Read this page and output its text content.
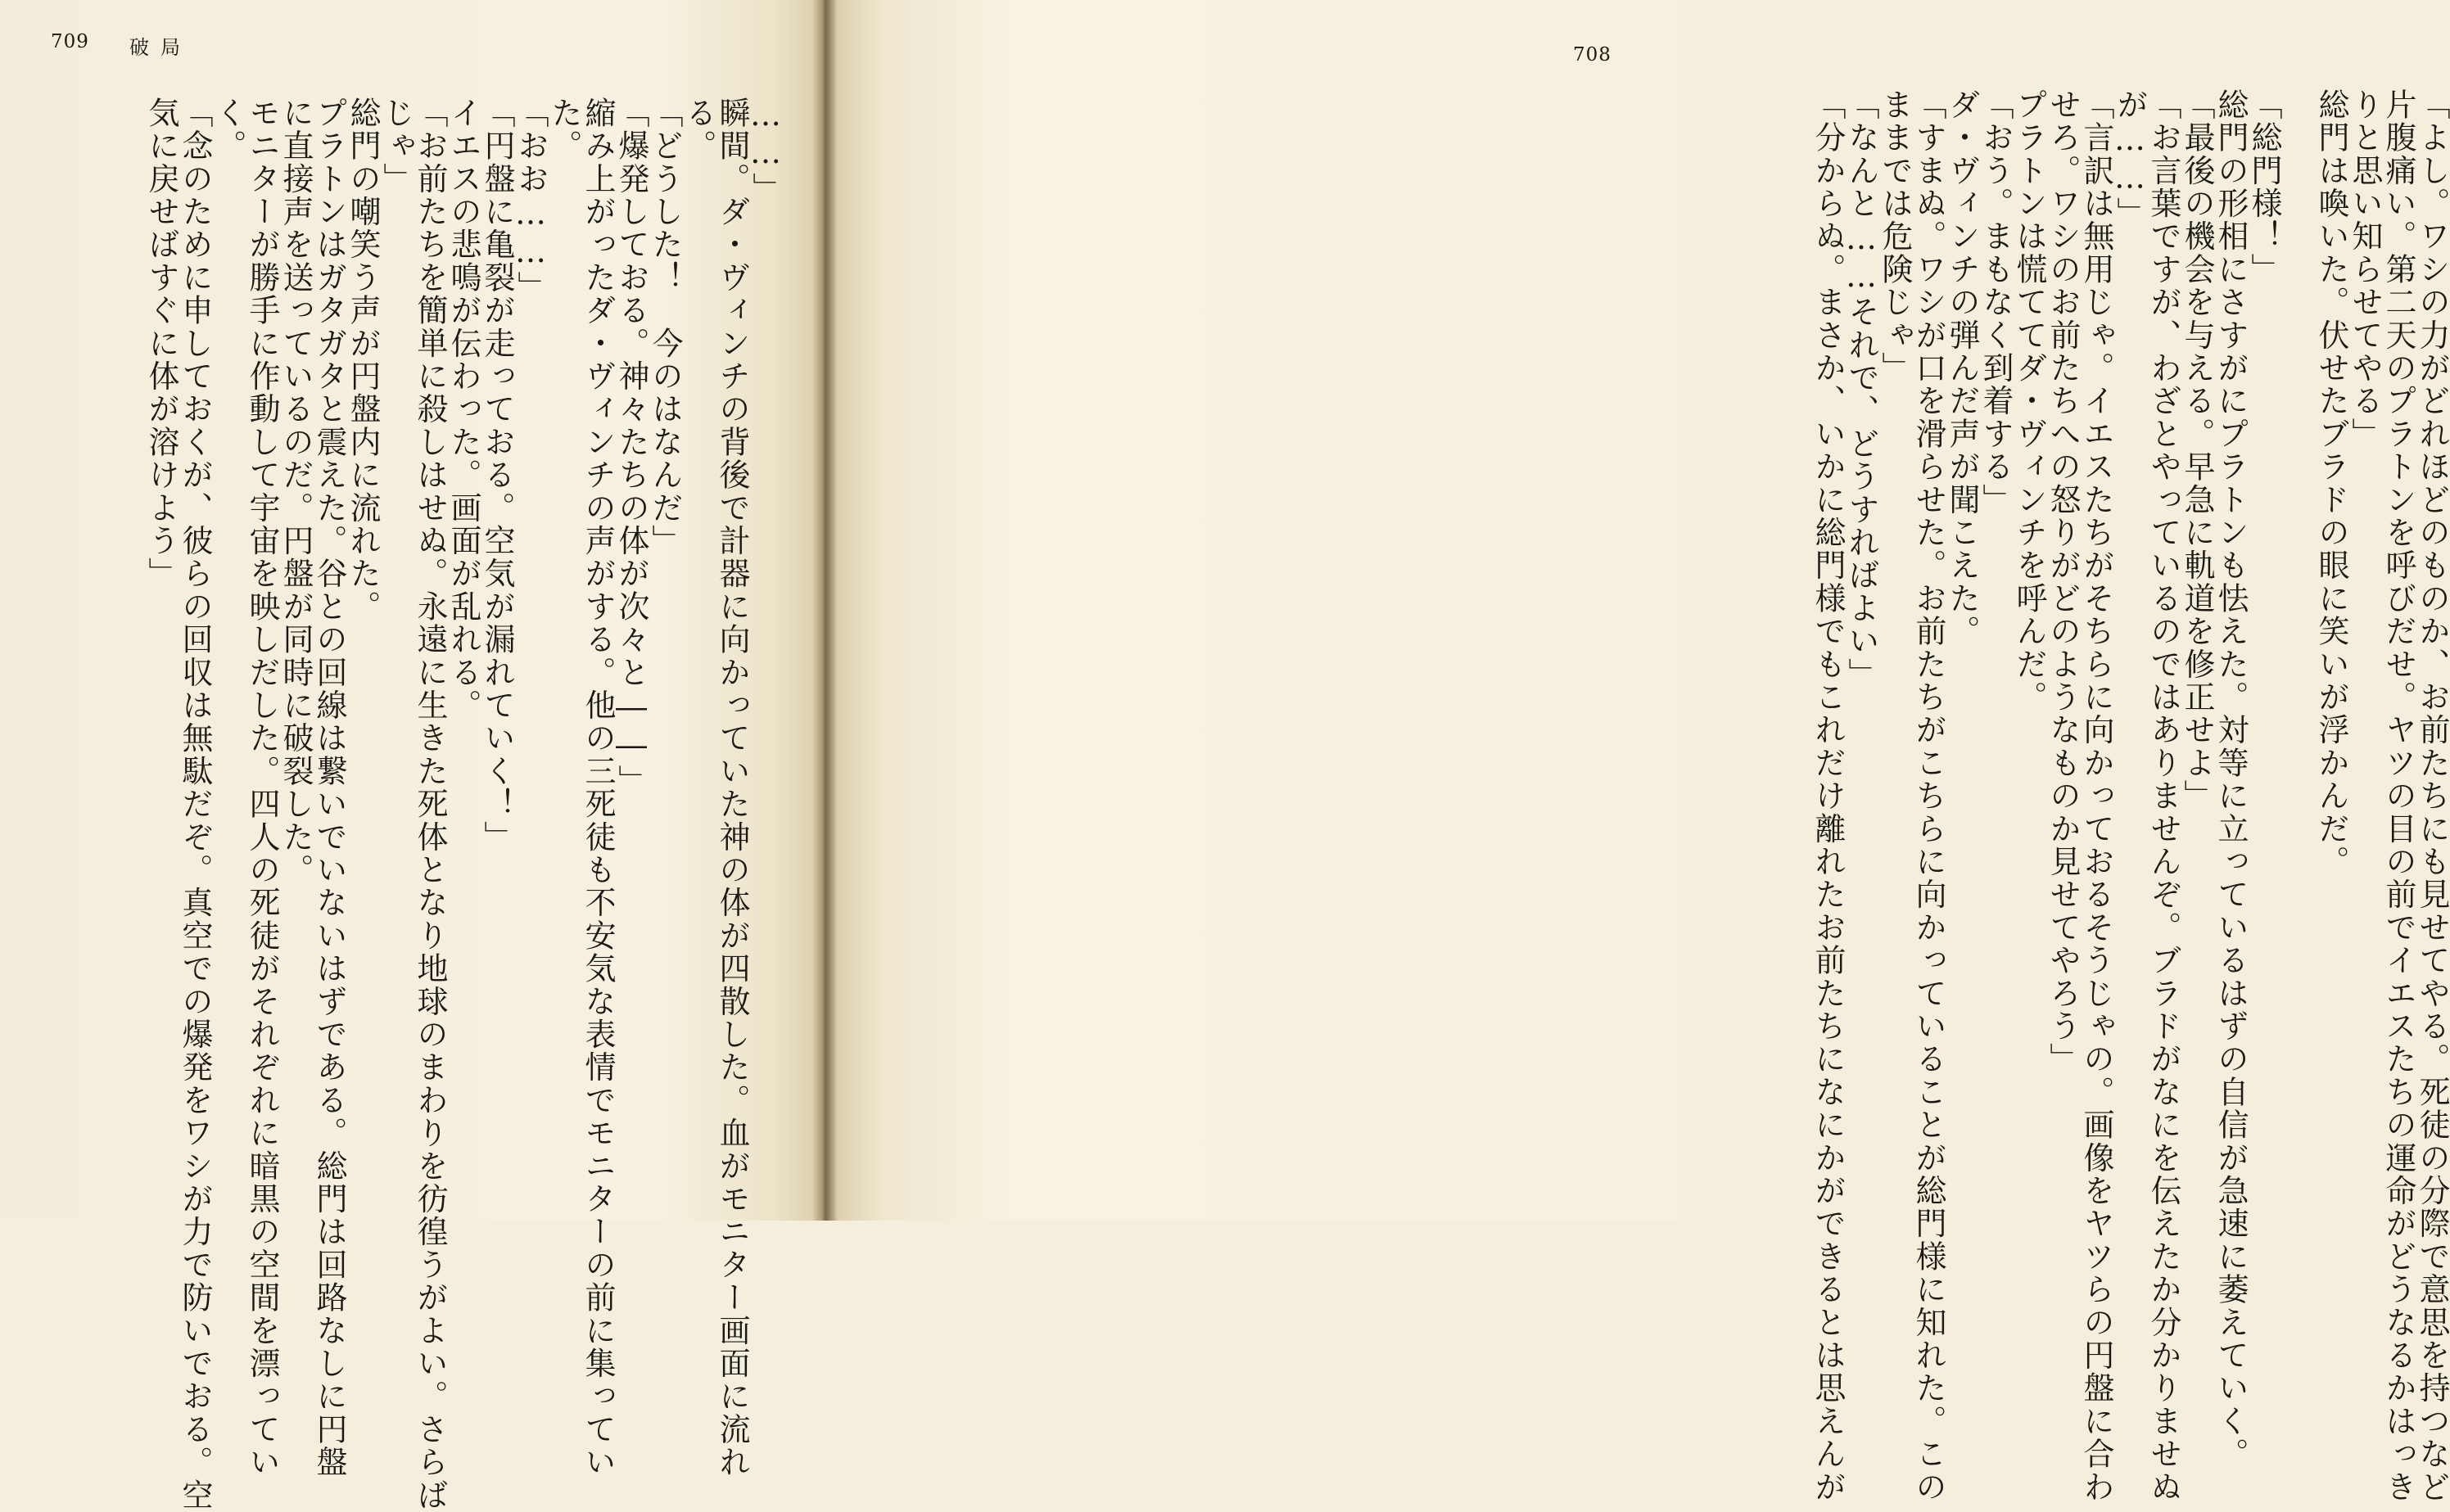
709 破局
……」
瞬間。ダ・ヴィンチの背後で計器に向かっていた神の体が四散した。血がモニター画面に流れ
る。
「どうした！　今のはなんだ」
「爆発しておる。神々たちの体が次々と――」
縮み上がったダ・ヴィンチの声がする。他の三死徒も不安気な表情でモニターの前に集ってい
た。
「おお……」
「円盤に亀裂が走っておる。空気が漏れていく！」
イエスの悲鳴が伝わった。画面が乱れる。
「お前たちを簡単に殺しはせぬ。永遠に生きた死体となり地球のまわりを彷徨うがよい。さらば
じゃ」
総門の嘲笑う声が円盤内に流れた。
プラトンはガタガタと震えた。谷との回線は繋いでいないはずである。総門は回路なしに円盤
に直接声を送っているのだ。円盤が同時に破裂した。
モニターが勝手に作動して宇宙を映しだした。四人の死徒がそれぞれに暗黒の空間を漂ってい
く。
「念のために申しておくが、彼らの回収は無駄だぞ。真空での爆発をワシが力で防いでおる。空
気に戻せばすぐに体が溶けよう」
708
「よし。ワシの力がどれほどのものか、お前たちにも見せてやる。死徒の分際で意思を持つなど
片腹痛い。第二天のプラトンを呼びだせ。ヤツの目の前でイエスたちの運命がどうなるかはっき
りと思い知らせてやる」
総門は喚いた。伏せたブラドの眼に笑いが浮かんだ。

「総門様！」
総門の形相にさすがにプラトンも怯えた。対等に立っているはずの自信が急速に萎えていく。
「最後の機会を与える。早急に軌道を修正せよ」
「お言葉ですが、わざとやっているのではありませんぞ。ブラドがなにを伝えたか分かりませぬ
が……」
「言訳は無用じゃ。イエスたちがそちらに向かっておるそうじゃの。画像をヤツらの円盤に合わ
せろ。ワシのお前たちへの怒りがどのようなものか見せてやろう」
プラトンは慌ててダ・ヴィンチを呼んだ。
「おう。まもなく到着する」
ダ・ヴィンチの弾んだ声が聞こえた。
「すまぬ。ワシが口を滑らせた。お前たちがこちらに向かっていることが総門様に知れた。この
ままでは危険じゃ」
「なんと……それで、どうすればよい」
「分からぬ。まさか、いかに総門様でもこれだけ離れたお前たちになにかができるとは思えんが
